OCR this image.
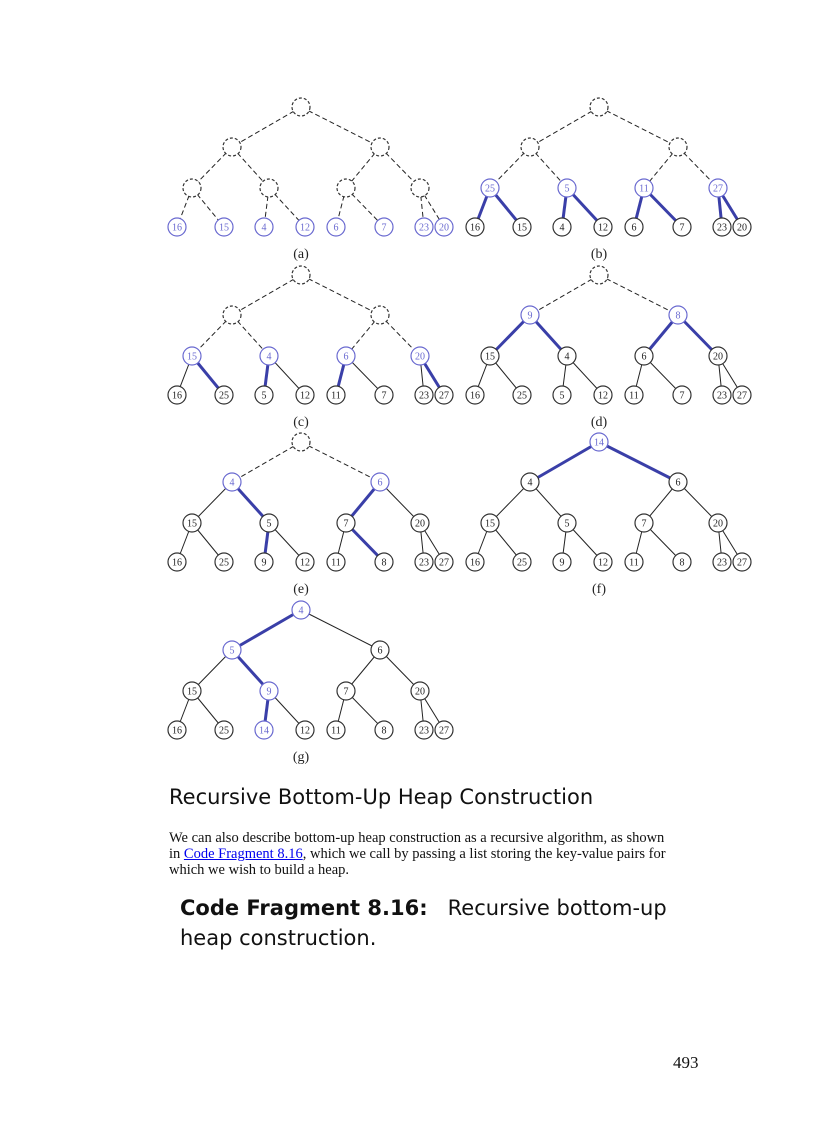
16	15	4	12 6	7	23 20
(a)
25	5	11	27
16	15	4	12 6	7	23 20
(b)
15	4	6	20
16	25	5	12 11	7	23 27
(c)
9	8
15	4	6	20
16	25	5	12 11	7	23 27
(d)
4	6
15	5	7	20
16	25	9	12 11	8	23 27
(e)
14
4	6
15	5	7	20
16	25	9	12 11	8	23 27
(f)
4
5	6
15	9	7	20
16	25	14	12 11	8	23 27
(g)
Recursive Bottom-Up Heap Construction

We can also describe bottom-up heap construction as a recursive algorithm, as shown in Code Fragment 8.16, which we call by passing a list storing the key-value pairs for which we wish to build a heap.

Code Fragment 8.16: Recursive bottom-up heap construction.
493
